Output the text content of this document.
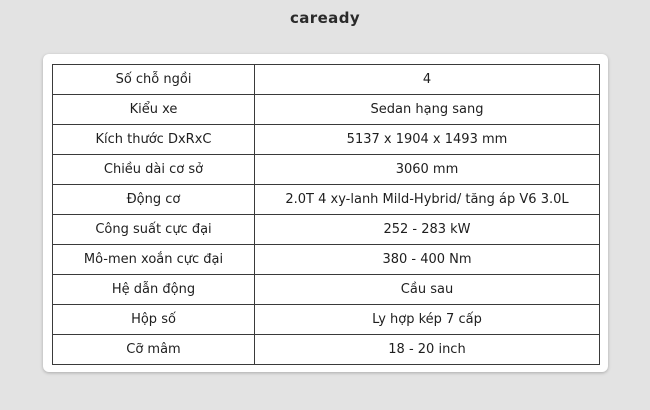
caready
Số chỗ ngồi	4
Kiểu xe	Sedan hạng sang
Kích thước DxRxC	5137 x 1904 x 1493 mm
Chiều dài cơ sở	3060 mm
Động cơ	2.0T 4 xy-lanh Mild-Hybrid/ tăng áp V6 3.0L
Công suất cực đại	252 - 283 kW
Mô-men xoắn cực đại	380 - 400 Nm
Hệ dẫn động	Cầu sau
Hộp số	Ly hợp kép 7 cấp
Cỡ mâm	18 - 20 inch
